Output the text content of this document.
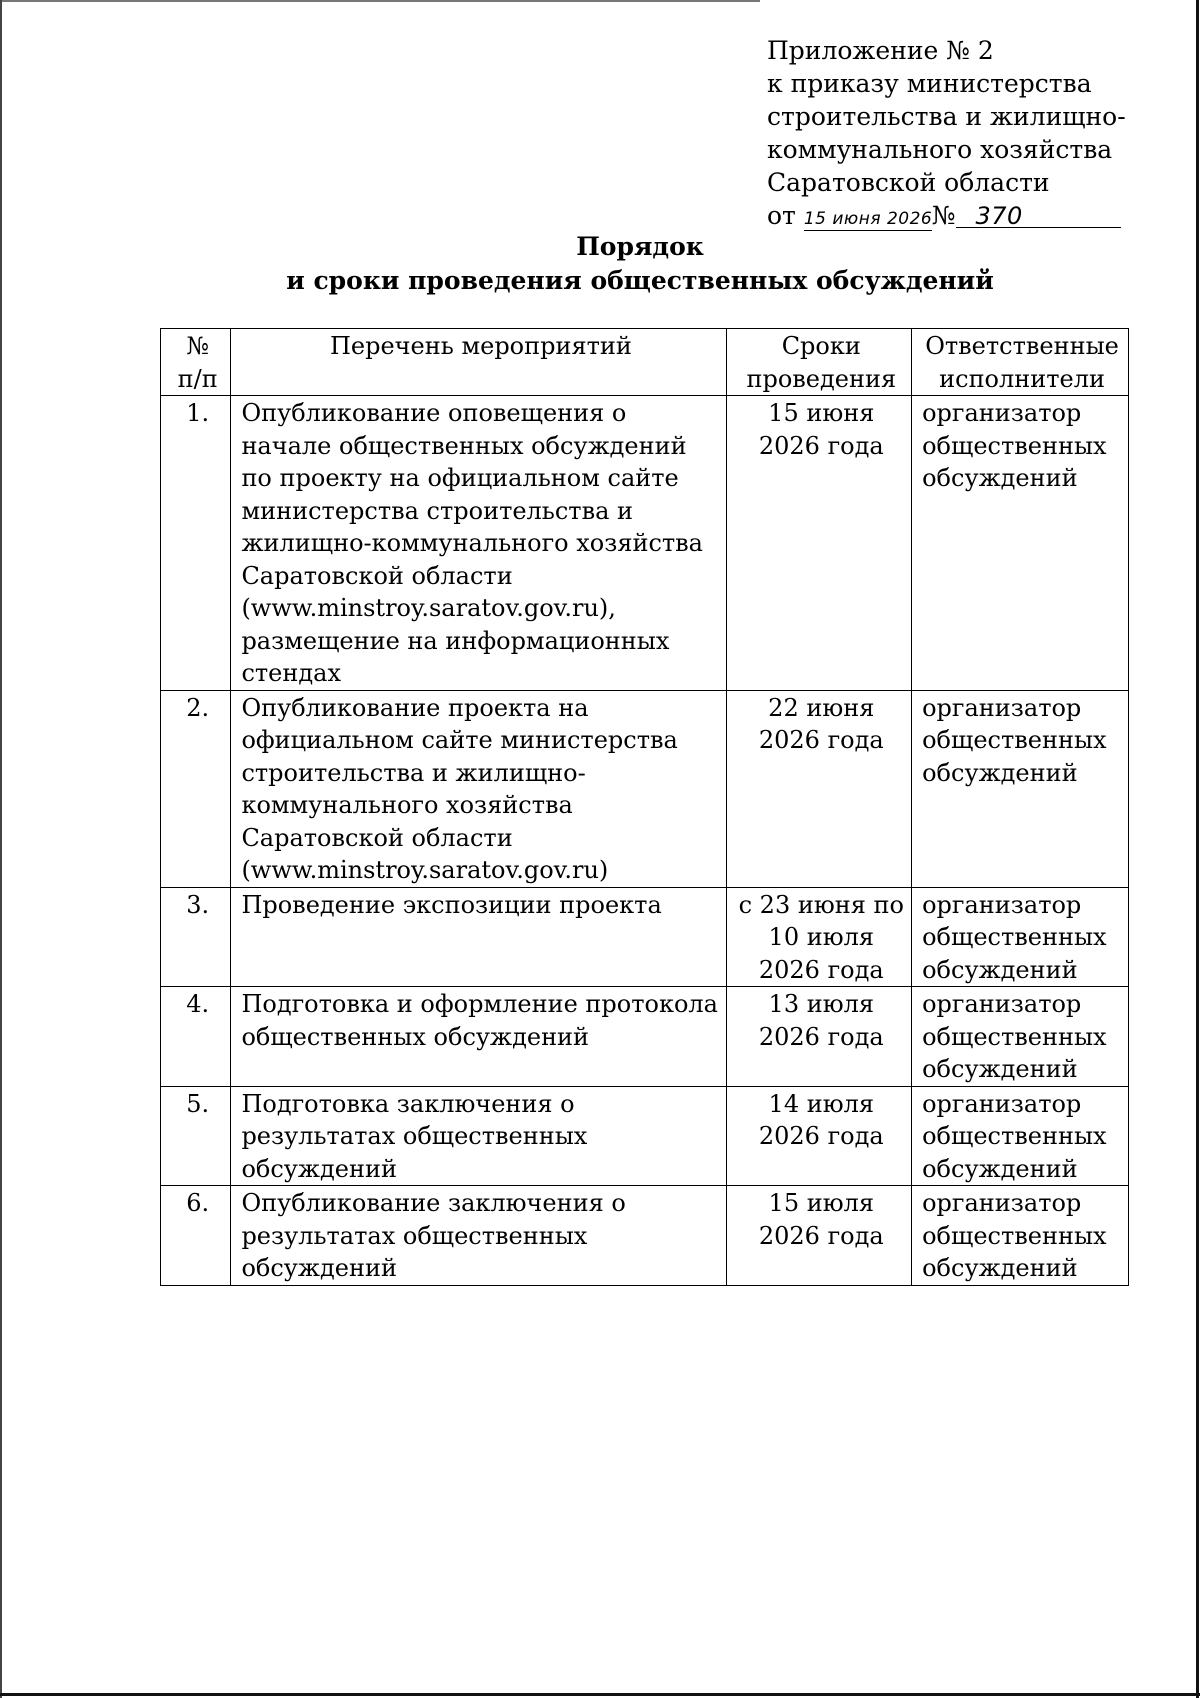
Приложение № 2
к приказу министерства
строительства и жилищно-
коммунального хозяйства
Саратовской области
от 15 июня 2026№ 370
Порядок
и сроки проведения общественных обсуждений
№ п/п	Перечень мероприятий	Сроки проведения	Ответственные исполнители
1.	Опубликование оповещения о начале общественных обсуждений по проекту на официальном сайте министерства строительства и жилищно-коммунального хозяйства Саратовской области (www.minstroy.saratov.gov.ru), размещение на информационных стендах	15 июня 2026 года	организатор общественных обсуждений
2.	Опубликование проекта на официальном сайте министерства строительства и жилищно-коммунального хозяйства Саратовской области (www.minstroy.saratov.gov.ru)	22 июня 2026 года	организатор общественных обсуждений
3.	Проведение экспозиции проекта	с 23 июня по 10 июля 2026 года	организатор общественных обсуждений
4.	Подготовка и оформление протокола общественных обсуждений	13 июля 2026 года	организатор общественных обсуждений
5.	Подготовка заключения о результатах общественных обсуждений	14 июля 2026 года	организатор общественных обсуждений
6.	Опубликование заключения о результатах общественных обсуждений	15 июля 2026 года	организатор общественных обсуждений
